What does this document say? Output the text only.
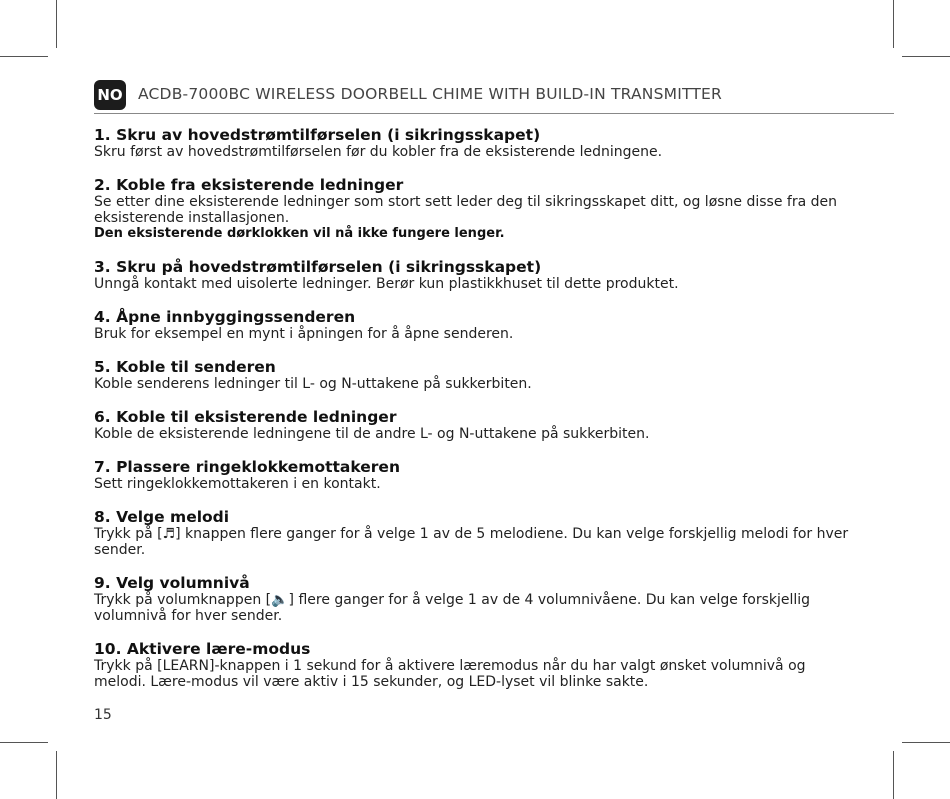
NO ACDB-7000BC WIRELESS DOORBELL CHIME WITH BUILD-IN TRANSMITTER
1. Skru av hovedstrømtilførselen (i sikringsskapet)

Skru først av hovedstrømtilførselen før du kobler fra de eksisterende ledningene.

2. Koble fra eksisterende ledninger

Se etter dine eksisterende ledninger som stort sett leder deg til sikringsskapet ditt, og løsne disse fra den eksisterende installasjonen.

Den eksisterende dørklokken vil nå ikke fungere lenger.

3. Skru på hovedstrømtilførselen (i sikringsskapet)

Unngå kontakt med uisolerte ledninger. Berør kun plastikkhuset til dette produktet.

4. Åpne innbyggingssenderen

Bruk for eksempel en mynt i åpningen for å åpne senderen.

5. Koble til senderen

Koble senderens ledninger til L- og N-uttakene på sukkerbiten.

6. Koble til eksisterende ledninger

Koble de eksisterende ledningene til de andre L- og N-uttakene på sukkerbiten.

7. Plassere ringeklokkemottakeren

Sett ringeklokkemottakeren i en kontakt.

8. Velge melodi

Trykk på [♬] knappen flere ganger for å velge 1 av de 5 melodiene. Du kan velge forskjellig melodi for hver sender.

9. Velg volumnivå

Trykk på volumknappen [🔈] flere ganger for å velge 1 av de 4 volumnivåene. Du kan velge forskjellig volumnivå for hver sender.

10. Aktivere lære-modus

Trykk på [LEARN]-knappen i 1 sekund for å aktivere læremodus når du har valgt ønsket volumnivå og melodi. Lære-modus vil være aktiv i 15 sekunder, og LED-lyset vil blinke sakte.

15
